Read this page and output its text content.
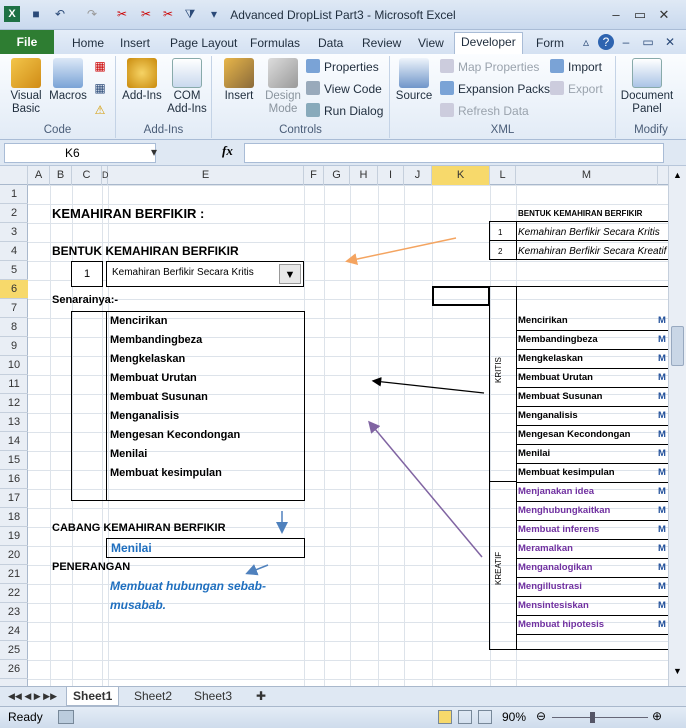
X	■	↶ ↷ ✂ ✂ ✂ ⧩	▾	Advanced DropList Part3 - Microsoft Excel	–	▭ ✕
File	Home	Insert	Page Layout	Formulas	Data	Review	View	Developer	Form	▵	?	–	▭ ✕
Visual Basic
Macros
▦
▦
⚠
Code
Add-Ins	COM Add-Ins
Add-Ins
Insert	Design Mode
Properties
View Code
Run Dialog
Controls
Source
Map Properties
Expansion Packs
Refresh Data
Import
Export
XML
Document Panel
Modify
K6	▾	fx
A	B	C	D	E	F	G	H	I	J	K	L	M
1
2
3
4
5
6
7
8
9
10
11
12
13
14
15
16
17
18
19
20
21
22
23
24
25
26
KEMAHIRAN BERFIKIR :
BENTUK KEMAHIRAN BERFIKIR
1	Kemahiran Berfikir Secara Kritis	▼
Senarainya:-
Mencirikan
Membandingbeza
Mengkelaskan
Membuat Urutan
Membuat Susunan
Menganalisis
Mengesan Kecondongan
Menilai
Membuat kesimpulan
CABANG KEMAHIRAN BERFIKIR
Menilai
PENERANGAN
Membuat hubungan sebab-
musabab.
BENTUK KEMAHIRAN BERFIKIR
1 Kemahiran Berfikir Secara Kritis
2 Kemahiran Berfikir Secara Kreatif
KRITIS
KREATIF
Mencirikan	M
Membandingbeza	M
Mengkelaskan	M
Membuat Urutan	M
Membuat Susunan	M
Menganalisis	M
Mengesan Kecondongan	M
Menilai	M
Membuat kesimpulan	M
Menjanakan idea	M
Menghubungkaitkan	M
Membuat inferens	M
Meramalkan	M
Menganalogikan	M
Mengillustrasi	M
Mensintesiskan	M
Membuat hipotesis	M
▲
▼
◀◀ ◀ ▶ ▶▶	Sheet1	Sheet2	Sheet3	✚
Ready	90% ⊖	⊕
